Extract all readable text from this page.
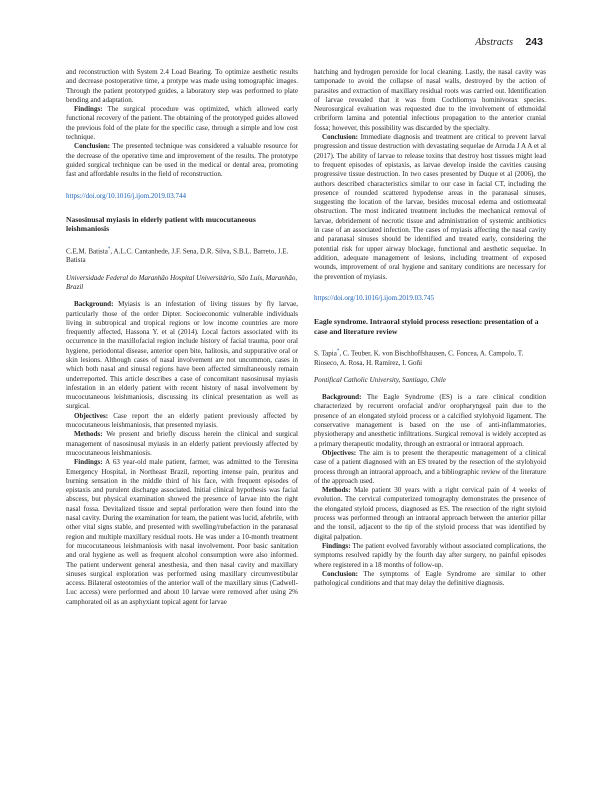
Abstracts 243

and reconstruction with System 2.4 Load Bearing. To optimize aesthetic results and decrease postoperative time, a protype was made using tomographic images. Through the patient prototyped guides, a laboratory step was performed to plate bending and adaptation.

Findings: The surgical procedure was optimized, which allowed early functional recovery of the patient. The obtaining of the prototyped guides allowed the previous fold of the plate for the specific case, through a simple and low cost technique.

Conclusion: The presented technique was considered a valuable resource for the decrease of the operative time and improvement of the results. The prototype guided surgical technique can be used in the medical or dental area, promoting fast and affordable results in the field of reconstruction.

https://doi.org/10.1016/j.ijom.2019.03.744
Nasosinusal myiasis in elderly patient with mucocutaneous leishmaniosis
C.E.M. Batista*, A.L.C. Cantanhede, J.F. Sena, D.R. Silva, S.B.L. Barreto, J.E. Batista
Universidade Federal do Maranhão Hospital Universitário, São Luís, Maranhão, Brazil

Background: Myiasis is an infestation of living tissues by fly larvae, particularly those of the order Dipter. Socioeconomic vulnerable individuals living in subtropical and tropical regions or low income countries are more frequently affected, Hassona Y. et al (2014). Local factors associated with its occurrence in the maxillofacial region include history of facial trauma, poor oral hygiene, periodontal disease, anterior open bite, halitosis, and suppurative oral or skin lesions. Although cases of nasal involvement are not uncommon, cases in which both nasal and sinusal regions have been affected simultaneously remain underreported. This article describes a case of concomitant nasosinusal myiasis infestation in an elderly patient with recent history of nasal involvement by mucocutaneous leishmaniosis, discussing its clinical presentation as well as surgical.

Objectives: Case report the an elderly patient previously affected by mucocutaneous leishmaniosis, that presented myiasis.

Methods: We present and briefly discuss herein the clinical and surgical management of nasosinusal myiasis in an elderly patient previously affected by mucocutaneous leishmaniosis.

Findings: A 63 year-old male patient, farmer, was admitted to the Teresina Emergency Hospital, in Northeast Brazil, reporting intense pain, pruritus and burning sensation in the middle third of his face, with frequent episodes of epistaxis and purulent discharge associated. Initial clinical hypothesis was facial abscess, but physical examination showed the presence of larvae into the right nasal fossa. Devitalized tissue and septal perforation were then found into the nasal cavity. During the examination for team, the patient was lucid, afebrile, with other vital signs stable, and presented with swelling/rubefaction in the paranasal region and multiple maxillary residual roots. He was under a 10-month treatment for mucocutaneous leishmaniosis with nasal involvement. Poor basic sanitation and oral hygiene as well as frequent alcohol consumption were also informed. The patient underwent general anesthesia, and then nasal cavity and maxillary sinuses surgical exploration was performed using maxillary circumvestibular access. Bilateral osteotomies of the anterior wall of the maxillary sinus (Cadwell-Luc access) were performed and about 10 larvae were removed after using 2% camphorated oil as an asphyxiant topical agent for larvae

hatching and hydrogen peroxide for local cleaning. Lastly, the nasal cavity was tamponade to avoid the collapse of nasal walls, destroyed by the action of parasites and extraction of maxillary residual roots was carried out. Identification of larvae revealed that it was from Cochliomya hominivorax species. Neurosurgical evaluation was requested due to the involvement of ethmoidal cribriform lamina and potential infectious propagation to the anterior cranial fossa; however, this possibility was discarded by the specialty.

Conclusion: Immediate diagnosis and treatment are critical to prevent larval progression and tissue destruction with devastating sequelae de Arruda J A A et al (2017). The ability of larvae to release toxins that destroy host tissues might lead to frequent episodes of epistaxis, as larvae develop inside the cavities causing progressive tissue destruction. In two cases presented by Duque et al (2006), the authors described characteristics similar to our case in facial CT, including the presence of rounded scattered hypodense areas in the paranasal sinuses, suggesting the location of the larvae, besides mucosal edema and ostiomeatal obstruction. The most indicated treatment includes the mechanical removal of larvae, debridement of necrotic tissue and administration of systemic antibiotics in case of an associated infection. The cases of myiasis affecting the nasal cavity and paranasal sinuses should be identified and treated early, considering the potential risk for upper airway blockage, functional and aesthetic sequelae. In addition, adequate management of lesions, including treatment of exposed wounds, improvement of oral hygiene and sanitary conditions are necessary for the prevention of myiasis.

https://doi.org/10.1016/j.ijom.2019.03.745
Eagle syndrome. Intraoral styloid process resection: presentation of a case and literature review
S. Tapia*, C. Teuber, K. von Bischhoffshausen, C. Foncea, A. Campolo, T. Rioseco, A. Rosa, H. Ramírez, I. Goñi
Pontifical Catholic University, Santiago, Chile

Background: The Eagle Syndrome (ES) is a rare clinical condition characterized by recurrent orofacial and/or oropharyngeal pain due to the presence of an elongated styloid process or a calcified stylohyoid ligament. The conservative management is based on the use of anti-inflammatories, physiotherapy and anesthetic infiltrations. Surgical removal is widely accepted as a primary therapeutic modality, through an extraoral or intraoral approach.

Objectives: The aim is to present the therapeutic management of a clinical case of a patient diagnosed with an ES treated by the resection of the stylohyoid process through an intraoral approach, and a bibliographic review of the literature of the approach used.

Methods: Male patient 30 years with a right cervical pain of 4 weeks of evolution. The cervical computerized tomography demonstrates the presence of the elongated styloid process, diagnosed as ES. The resection of the right styloid process was performed through an intraoral approach between the anterior pillar and the tonsil, adjacent to the tip of the styloid process that was identified by digital palpation.

Findings: The patient evolved favorably without associated complications, the symptoms resolved rapidly by the fourth day after surgery, no painful episodes where registered in a 18 months of follow-up.

Conclusion: The symptoms of Eagle Syndrome are similar to other pathological conditions and that may delay the definitive diagnosis.
